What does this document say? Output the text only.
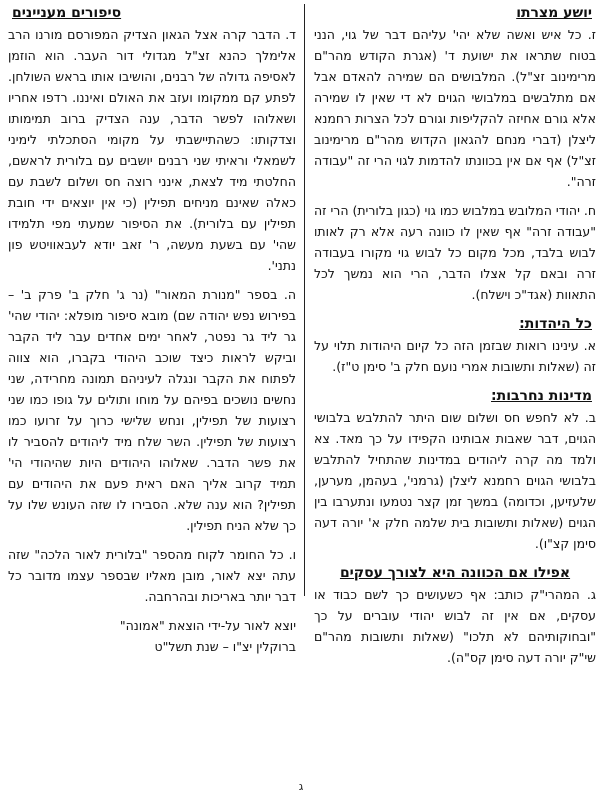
יושע מצרתו

ז. כל איש ואשה שלא יהי' עליהם דבר של גוי, הנני בטוח שתראו את ישועת ד' (אגרת הקודש מהר"ם מרימינוב זצ"ל). המלבושים הם שמירה להאדם אבל אם מתלבשים במלבושי הגוים לא די שאין לו שמירה אלא גורם אחיזה להקליפות וגורם לכל הצרות רחמנא ליצלן (דברי מנחם להגאון הקדוש מהר"ם מרימינוב זצ"ל) אף אם אין בכוונתו להדמות לגוי הרי זה "עבודה זרה".

ח. יהודי המלובש במלבוש כמו גוי (כגון בלורית) הרי זה "עבודה זרה" אף שאין לו כוונה רעה אלא רק לאותו לבוש בלבד, מכל מקום כל לבוש גוי מקורו בעבודה זרה ובאם קל אצלו הדבר, הרי הוא נמשך לכל התאוות (אגד"כ וישלח).

כל היהדות:

א. עינינו רואות שבזמן הזה כל קיום היהודות תלוי על זה (שאלות ותשובות אמרי נועם חלק ב' סימן ט"ז).

מדינות נחרבות:

ב. לא לחפש חס ושלום שום היתר להתלבש בלבושי הגוים, דבר שאבות אבותינו הקפידו על כך מאד. צא ולמד מה קרה ליהודים במדינות שהתחיל להתלבש בלבושי הגוים רחמנא ליצלן (גרמני', בעהמן, מערען, שלעזיען, וכדומה) במשך זמן קצר נטמעו ונתערבו בין הגוים (שאלות ותשובות בית שלמה חלק א' יורה דעה סימן קצ"ו).

אפילו אם הכוונה היא לצורך עסקים

ג. המהרי"ק כותב: אף כשעושים כך לשם כבוד או עסקים, אם אין זה לבוש יהודי עוברים על כך "ובחוקותיהם לא תלכו" (שאלות ותשובות מהר"ם שי"ק יורה דעה סימן קס"ה).

סיפורים מעניינים

ד. הדבר קרה אצל הגאון הצדיק המפורסם מורנו הרב אלימלך כהנא זצ"ל מגדולי דור העבר. הוא הוזמן לאסיפה גדולה של רבנים, והושיבו אותו בראש השולחן. לפתע קם ממקומו ועזב את האולם ואיננו. רדפו אחריו ושאלוהו לפשר הדבר, ענה הצדיק ברוב תמימותו וצדקותו: כשהתיישבתי על מקומי הסתכלתי לימיני לשמאלי וראיתי שני רבנים יושבים עם בלורית לראשם, החלטתי מיד לצאת, אינני רוצה חס ושלום לשבת עם כאלה שאינם מניחים תפילין (כי אין יוצאים ידי חובת תפילין עם בלורית). את הסיפור שמעתי מפי תלמידו שהי' עם בשעת מעשה, ר' זאב יודא לעבאוויטש פון נתני'.

ה. בספר "מנורת המאור" (נר ג' חלק ב' פרק ב' – בפירוש נפש יהודה שם) מובא סיפור מופלא: יהודי שהי' גר ליד גר נפטר, לאחר ימים אחדים עבר ליד הקבר וביקש לראות כיצד שוכב היהודי בקברו, הוא צווה לפתוח את הקבר ונגלה לעיניהם תמונה מחרידה, שני נחשים נושכים בפיהם על מוחו ותולים על גופו כמו שני רצועות של תפילין, ונחש שלישי כרוך על זרועו כמו רצועות של תפילין. השר שלח מיד ליהודים להסביר לו את פשר הדבר. שאלוהו היהודים היות שהיהודי הי' תמיד קרוב אליך האם ראית פעם את היהודים עם תפילין? הוא ענה שלא. הסבירו לו שזה העונש שלו על כך שלא הניח תפילין.

ו. כל החומר לקוח מהספר "בלורית לאור הלכה" שזה עתה יצא לאור, מובן מאליו שבספר עצמו מדובר כל דבר יותר באריכות ובהרחבה.

יוצא לאור על-ידי הוצאת "אמונה"

ברוקלין יצ"ו – שנת תשל"ט

ג
